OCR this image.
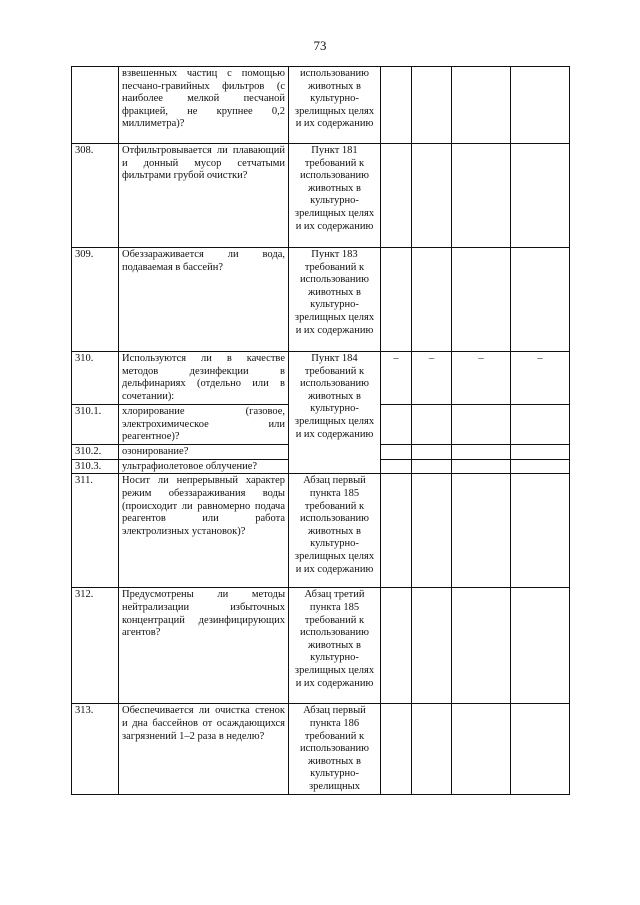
73
	взвешенных частиц с помощью песчано-гравийных фильтров (с наиболее мелкой песчаной фракцией, не крупнее 0,2 миллиметра)?	использованию животных в культурно-зрелищных целях и их содержанию				
308.	Отфильтровывается ли плавающий и донный мусор сетчатыми фильтрами грубой очистки?	Пункт 181 требований к использованию животных в культурно-зрелищных целях и их содержанию				
309.	Обеззараживается ли вода, подаваемая в бассейн?	Пункт 183 требований к использованию животных в культурно-зрелищных целях и их содержанию				
310.	Используются ли в качестве методов дезинфекции в дельфинариях (отдельно или в сочетании):	Пункт 184 требований к использованию животных в культурно-зрелищных целях и их содержанию	–	–	–	–
310.1.	хлорирование (газовое, электрохимическое или реагентное)?					
310.2.	озонирование?					
310.3.	ультрафиолетовое облучение?					
311.	Носит ли непрерывный характер режим обеззараживания воды (происходит ли равномерно подача реагентов или работа электролизных установок)?	Абзац первый пункта 185 требований к использованию животных в культурно-зрелищных целях и их содержанию				
312.	Предусмотрены ли методы нейтрализации избыточных концентраций дезинфицирующих агентов?	Абзац третий пункта 185 требований к использованию животных в культурно-зрелищных целях и их содержанию				
313.	Обеспечивается ли очистка стенок и дна бассейнов от осаждающихся загрязнений 1–2 раза в неделю?	Абзац первый пункта 186 требований к использованию животных в культурно-зрелищных				
